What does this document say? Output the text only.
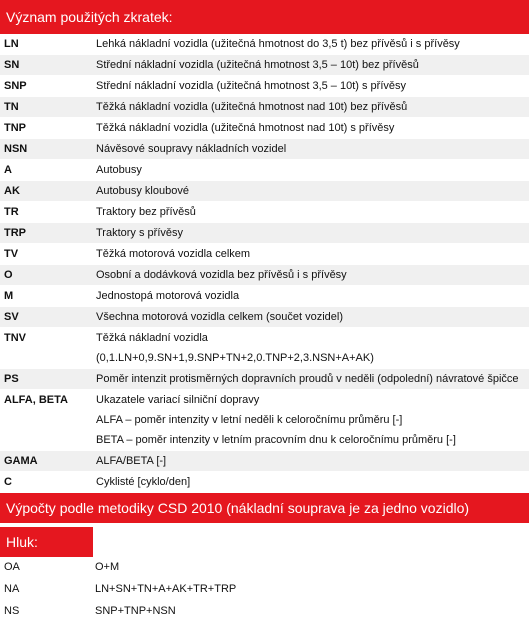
Význam použitých zkratek:
LN	Lehká nákladní vozidla (užitečná hmotnost do 3,5 t) bez přívěsů i s přívěsy

SN	Střední nákladní vozidla (užitečná hmotnost 3,5 – 10t) bez přívěsů

SNP	Střední nákladní vozidla (užitečná hmotnost 3,5 – 10t) s přívěsy

TN	Těžká nákladní vozidla (užitečná hmotnost nad 10t) bez přívěsů

TNP	Těžká nákladní vozidla (užitečná hmotnost nad 10t) s přívěsy

NSN	Návěsové soupravy nákladních vozidel

A	Autobusy

AK	Autobusy kloubové

TR	Traktory bez přívěsů

TRP	Traktory s přívěsy

TV	Těžká motorová vozidla celkem

O	Osobní a dodávková vozidla bez přívěsů i s přívěsy

M	Jednostopá motorová vozidla

SV	Všechna motorová vozidla celkem (součet vozidel)

TNV	Těžká nákladní vozidla
(0,1.LN+0,9.SN+1,9.SNP+TN+2,0.TNP+2,3.NSN+A+AK)

PS	Poměr intenzit protisměrných dopravních proudů v neděli (odpolední) návratové špičce

ALFA, BETA	Ukazatele variací silniční dopravy
ALFA – poměr intenzity v letní neděli k celoročnímu průměru [-]
BETA – poměr intenzity v letním pracovním dnu k celoročnímu průměru [-]

GAMA	ALFA/BETA [-]

C	Cyklisté [cyklo/den]
Výpočty podle metodiky CSD 2010 (nákladní souprava je za jedno vozidlo)
Hluk:
OA	O+M
NA	LN+SN+TN+A+AK+TR+TRP
NS	SNP+TNP+NSN
